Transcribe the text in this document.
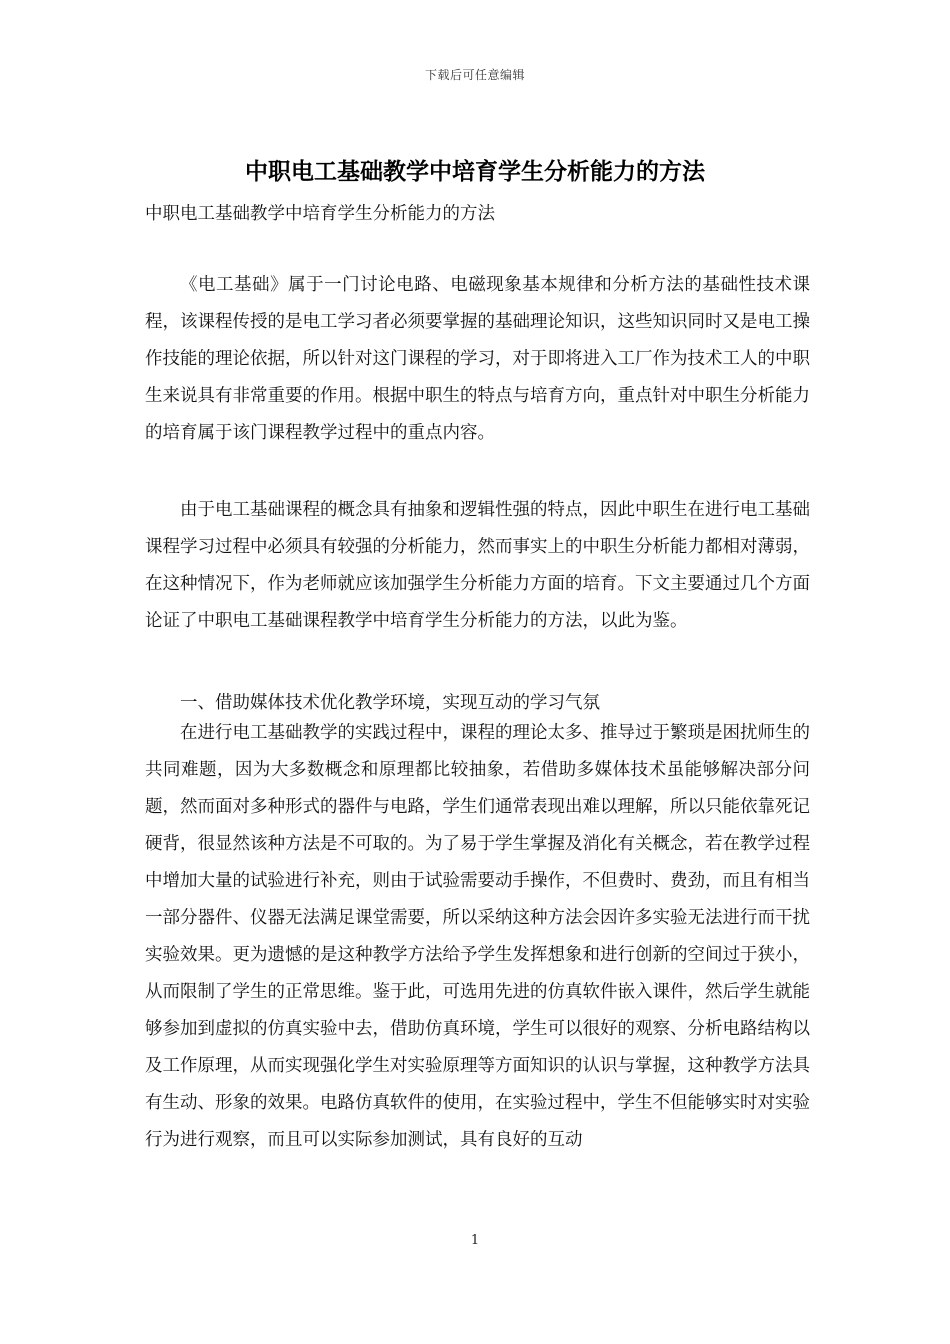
下载后可任意编辑
中职电工基础教学中培育学生分析能力的方法
中职电工基础教学中培育学生分析能力的方法

《电工基础》属于一门讨论电路、电磁现象基本规律和分析方法的基础性技术课程，该课程传授的是电工学习者必须要掌握的基础理论知识，这些知识同时又是电工操作技能的理论依据，所以针对这门课程的学习，对于即将进入工厂作为技术工人的中职生来说具有非常重要的作用。根据中职生的特点与培育方向，重点针对中职生分析能力的培育属于该门课程教学过程中的重点内容。

由于电工基础课程的概念具有抽象和逻辑性强的特点，因此中职生在进行电工基础课程学习过程中必须具有较强的分析能力，然而事实上的中职生分析能力都相对薄弱，在这种情况下，作为老师就应该加强学生分析能力方面的培育。下文主要通过几个方面论证了中职电工基础课程教学中培育学生分析能力的方法，以此为鉴。

一、借助媒体技术优化教学环境，实现互动的学习气氛

在进行电工基础教学的实践过程中，课程的理论太多、推导过于繁琐是困扰师生的共同难题，因为大多数概念和原理都比较抽象，若借助多媒体技术虽能够解决部分问题，然而面对多种形式的器件与电路，学生们通常表现出难以理解，所以只能依靠死记硬背，很显然该种方法是不可取的。为了易于学生掌握及消化有关概念，若在教学过程中增加大量的试验进行补充，则由于试验需要动手操作，不但费时、费劲，而且有相当一部分器件、仪器无法满足课堂需要，所以采纳这种方法会因许多实验无法进行而干扰实验效果。更为遗憾的是这种教学方法给予学生发挥想象和进行创新的空间过于狭小，从而限制了学生的正常思维。鉴于此，可选用先进的仿真软件嵌入课件，然后学生就能够参加到虚拟的仿真实验中去，借助仿真环境，学生可以很好的观察、分析电路结构以及工作原理，从而实现强化学生对实验原理等方面知识的认识与掌握，这种教学方法具有生动、形象的效果。电路仿真软件的使用，在实验过程中，学生不但能够实时对实验行为进行观察，而且可以实际参加测试，具有良好的互动

1
